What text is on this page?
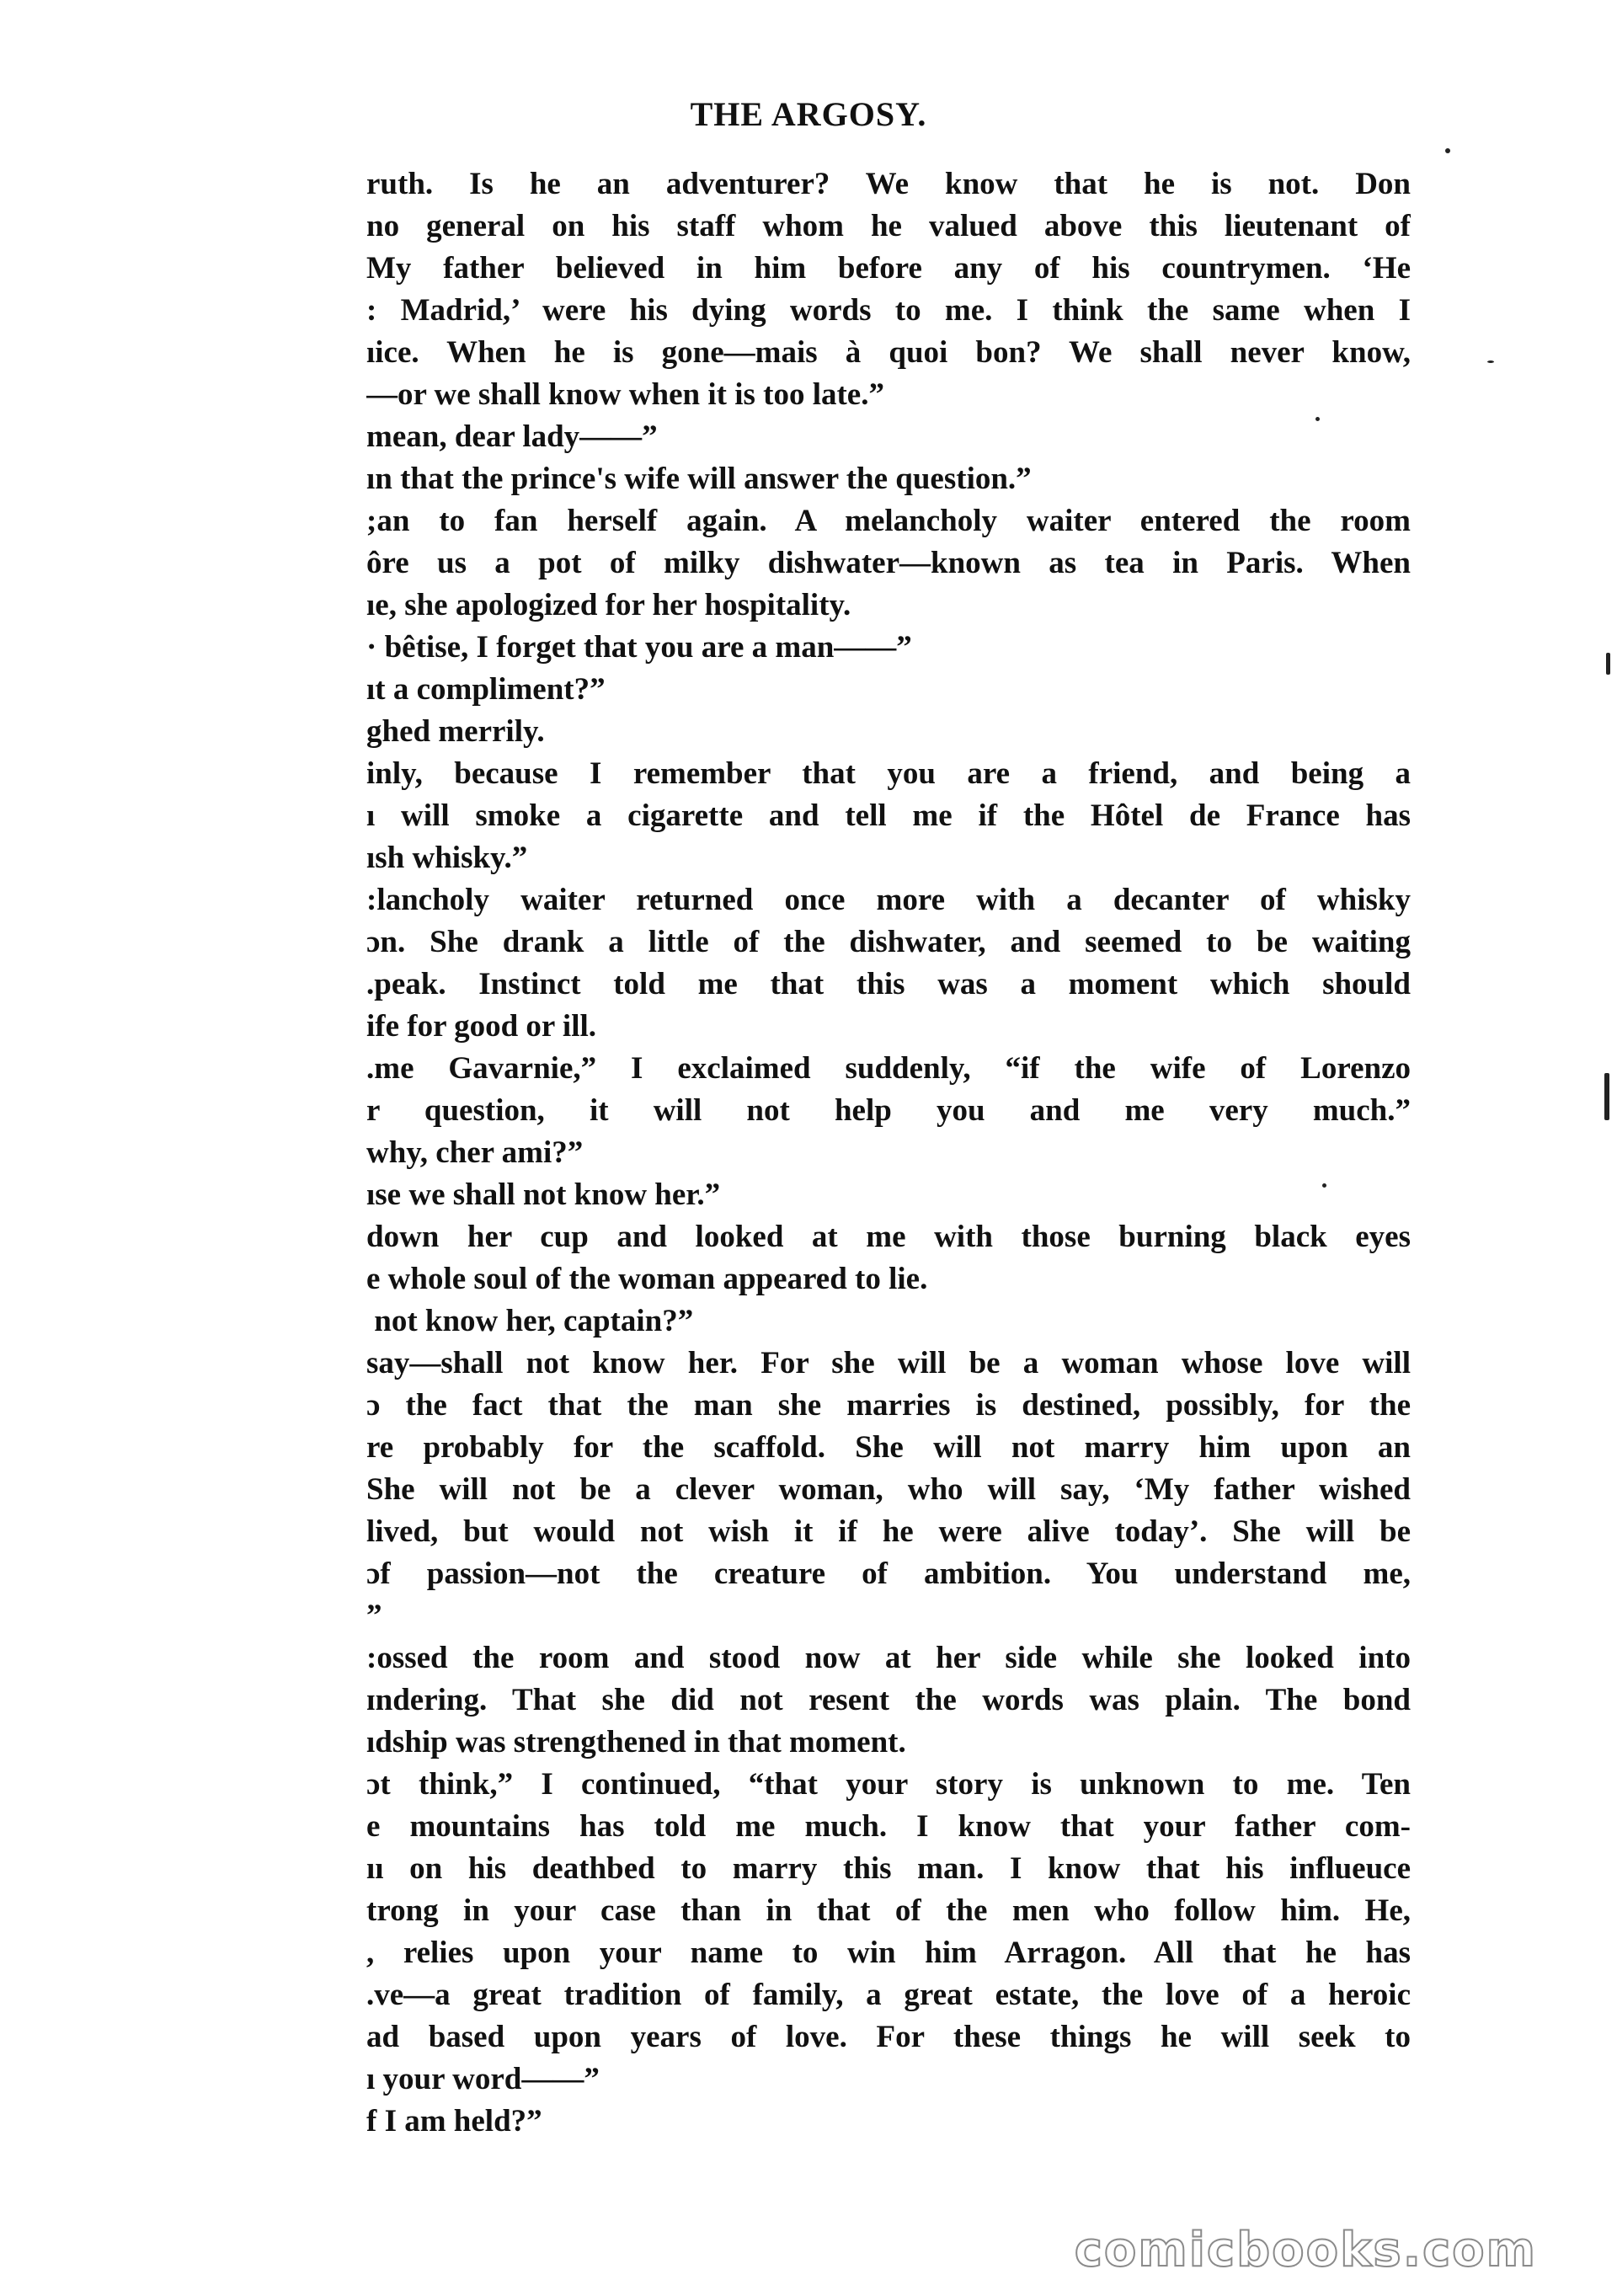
THE ARGOSY.
ruth. Is he an adventurer? We know that he is not. Don
no general on his staff whom he valued above this lieutenant of
My father believed in him before any of his countrymen. ‘He
: Madrid,’ were his dying words to me. I think the same when I
ıice. When he is gone—mais à quoi bon? We shall never know,
—or we shall know when it is too late.”
mean, dear lady——”
ın that the prince's wife will answer the question.”
;an to fan herself again. A melancholy waiter entered the room
ôre us a pot of milky dishwater—known as tea in Paris. When
ıe, she apologized for her hospitality.
· bêtise, I forget that you are a man——”
ıt a compliment?”
ghed merrily.
inly, because I remember that you are a friend, and being a
ı will smoke a cigarette and tell me if the Hôtel de France has
ısh whisky.”
:lancholy waiter returned once more with a decanter of whisky
ɔn. She drank a little of the dishwater, and seemed to be waiting
.peak. Instinct told me that this was a moment which should
ife for good or ill.
.me Gavarnie,” I exclaimed suddenly, “if the wife of Lorenzo
r question, it will not help you and me very much.”
why, cher ami?”
ıse we shall not know her.”
down her cup and looked at me with those burning black eyes
e whole soul of the woman appeared to lie.
not know her, captain?”
say—shall not know her. For she will be a woman whose love will
ɔ the fact that the man she marries is destined, possibly, for the
re probably for the scaffold. She will not marry him upon an
She will not be a clever woman, who will say, ‘My father wished
lived, but would not wish it if he were alive today’. She will be
ɔf passion—not the creature of ambition. You understand me,
”
:ossed the room and stood now at her side while she looked into
ɪndering. That she did not resent the words was plain. The bond
ıdship was strengthened in that moment.
ɔt think,” I continued, “that your story is unknown to me. Ten
e mountains has told me much. I know that your father com-
ıı on his deathbed to marry this man. I know that his influeuce
trong in your case than in that of the men who follow him. He,
, relies upon your name to win him Arragon. All that he has
.ve—a great tradition of family, a great estate, the love of a heroic
ad based upon years of love. For these things he will seek to
ı your word——”
f I am held?”
comicbooks.com
